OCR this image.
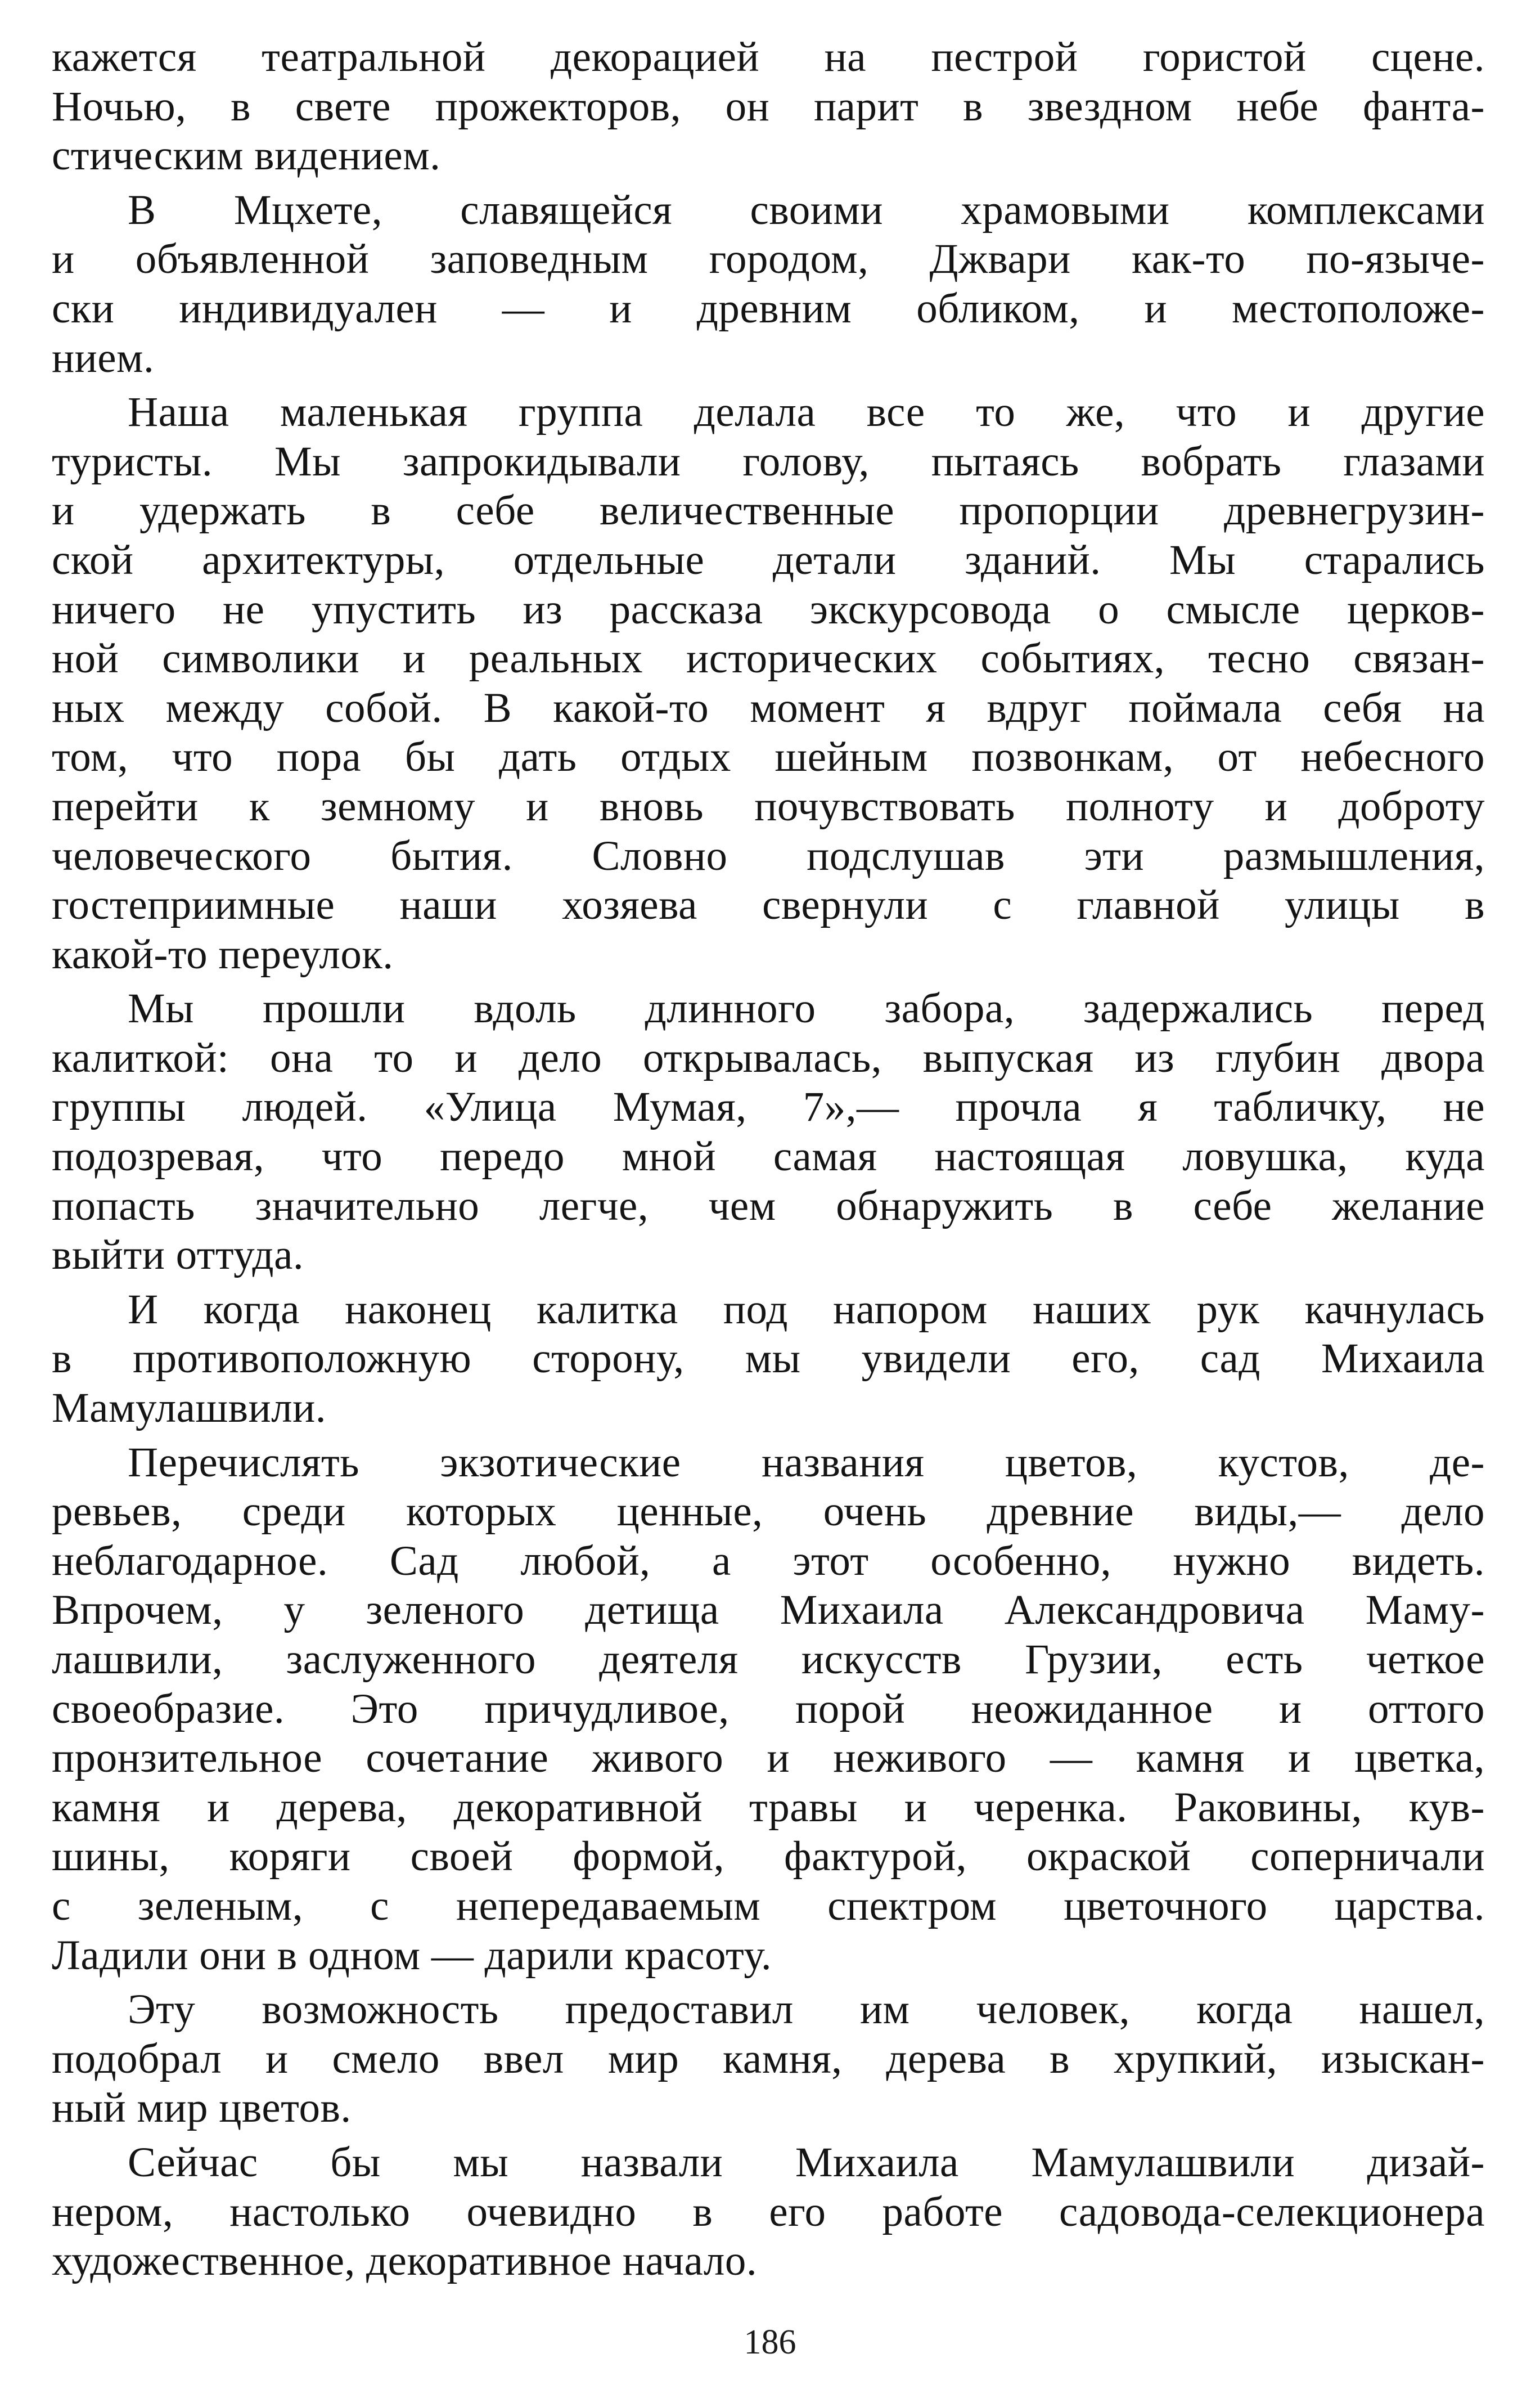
кажется театральной декорацией на пестрой гористой сцене.
Ночью, в свете прожекторов, он парит в звездном небе фанта-
стическим видением.

В Мцхете, славящейся своими храмовыми комплексами
и объявленной заповедным городом, Джвари как-то по-языче-
ски индивидуален — и древним обликом, и местоположе-
нием.

Наша маленькая группа делала все то же, что и другие
туристы. Мы запрокидывали голову, пытаясь вобрать глазами
и удержать в себе величественные пропорции древнегрузин-
ской архитектуры, отдельные детали зданий. Мы старались
ничего не упустить из рассказа экскурсовода о смысле церков-
ной символики и реальных исторических событиях, тесно связан-
ных между собой. В какой-то момент я вдруг поймала себя на
том, что пора бы дать отдых шейным позвонкам, от небесного
перейти к земному и вновь почувствовать полноту и доброту
человеческого бытия. Словно подслушав эти размышления,
гостеприимные наши хозяева свернули с главной улицы в
какой-то переулок.

Мы прошли вдоль длинного забора, задержались перед
калиткой: она то и дело открывалась, выпуская из глубин двора
группы людей. «Улица Мумая, 7»,— прочла я табличку, не
подозревая, что передо мной самая настоящая ловушка, куда
попасть значительно легче, чем обнаружить в себе желание
выйти оттуда.

И когда наконец калитка под напором наших рук качнулась
в противоположную сторону, мы увидели его, сад Михаила
Мамулашвили.

Перечислять экзотические названия цветов, кустов, де-
ревьев, среди которых ценные, очень древние виды,— дело
неблагодарное. Сад любой, а этот особенно, нужно видеть.
Впрочем, у зеленого детища Михаила Александровича Маму-
лашвили, заслуженного деятеля искусств Грузии, есть четкое
своеобразие. Это причудливое, порой неожиданное и оттого
пронзительное сочетание живого и неживого — камня и цветка,
камня и дерева, декоративной травы и черенка. Раковины, кув-
шины, коряги своей формой, фактурой, окраской соперничали
с зеленым, с непередаваемым спектром цветочного царства.
Ладили они в одном — дарили красоту.

Эту возможность предоставил им человек, когда нашел,
подобрал и смело ввел мир камня, дерева в хрупкий, изыскан-
ный мир цветов.

Сейчас бы мы назвали Михаила Мамулашвили дизай-
нером, настолько очевидно в его работе садовода-селекционера
художественное, декоративное начало.

186
